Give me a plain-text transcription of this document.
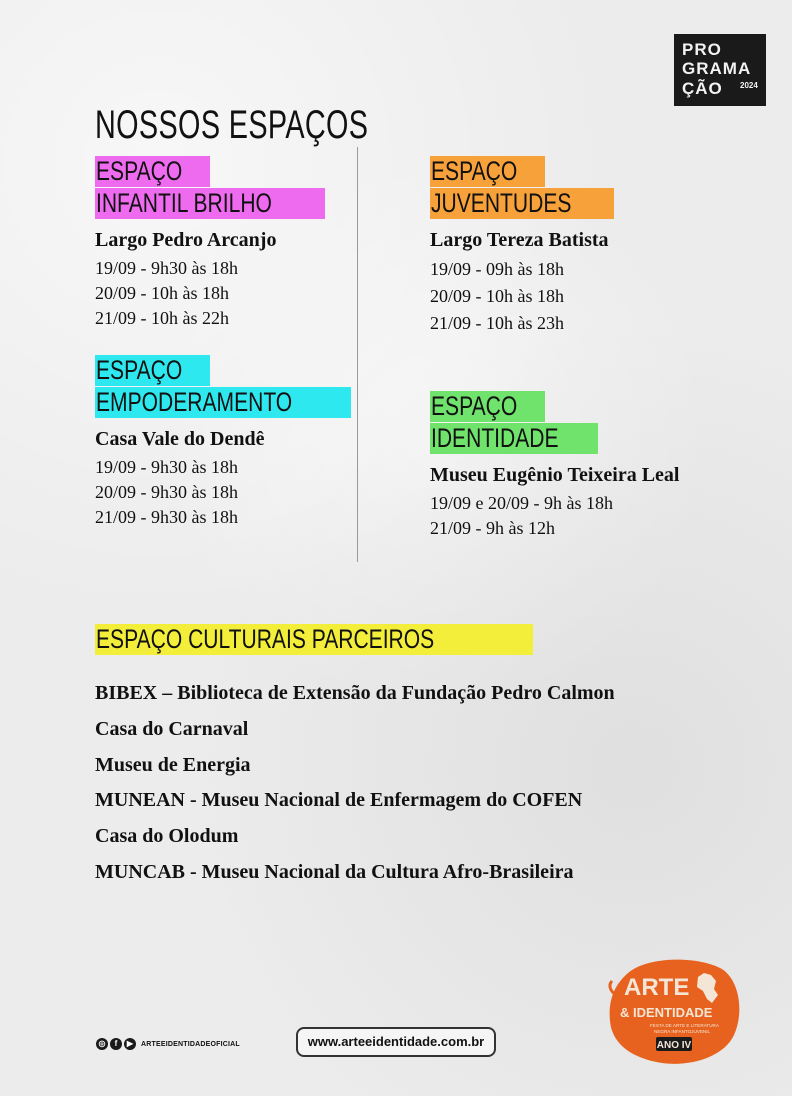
NOSSOS ESPAÇOS
PRO
GRAMA
ÇÃO 2024
ESPAÇO
INFANTIL BRILHO
Largo Pedro Arcanjo
19/09 - 9h30 às 18h
20/09 - 10h às 18h
21/09 - 10h às 22h
ESPAÇO
JUVENTUDES
Largo Tereza Batista
19/09 - 09h às 18h
20/09 - 10h às 18h
21/09 - 10h às 23h
ESPAÇO
EMPODERAMENTO
Casa Vale do Dendê
19/09 - 9h30 às 18h
20/09 - 9h30 às 18h
21/09 - 9h30 às 18h
ESPAÇO
IDENTIDADE
Museu Eugênio Teixeira Leal
19/09 e 20/09 - 9h às 18h
21/09 - 9h às 12h
ESPAÇO CULTURAIS PARCEIROS
BIBEX – Biblioteca de Extensão da Fundação Pedro Calmon
Casa do Carnaval
Museu de Energia
MUNEAN - Museu Nacional de Enfermagem do COFEN
Casa do Olodum
MUNCAB - Museu Nacional da Cultura Afro-Brasileira
◎	f	▶	ARTEEIDENTIDADEOFICIAL	www.arteeidentidade.com.br
ARTE
& IDENTIDADE
FESTA DE ARTE E LITERATURA
NEGRA INFANTOJUVENIL
ANO IV
